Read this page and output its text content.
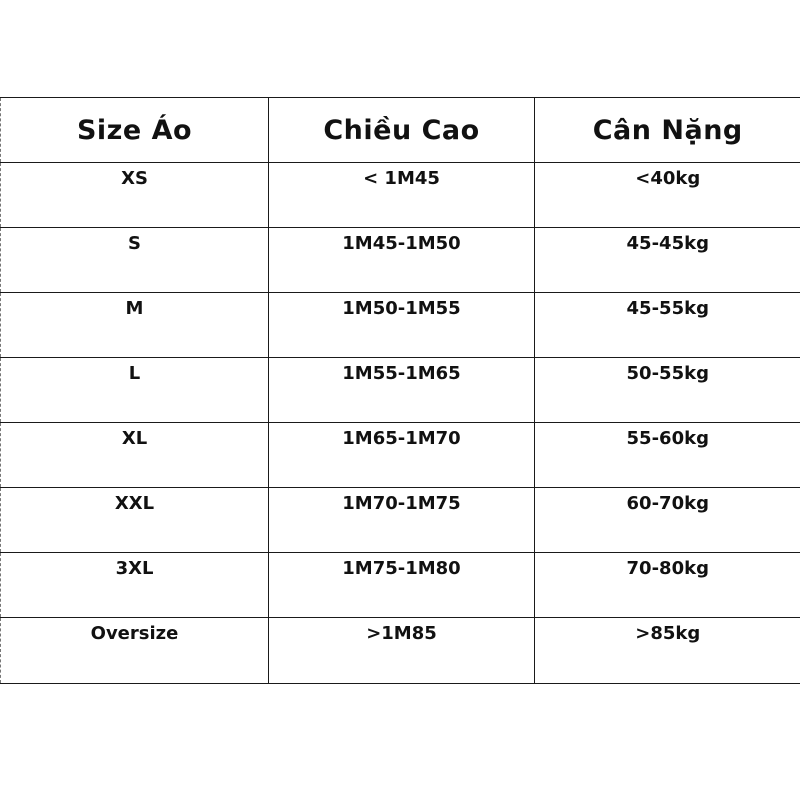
Size Áo	Chiều Cao	Cân Nặng
XS	< 1M45	<40kg
S	1M45-1M50	45-45kg
M	1M50-1M55	45-55kg
L	1M55-1M65	50-55kg
XL	1M65-1M70	55-60kg
XXL	1M70-1M75	60-70kg
3XL	1M75-1M80	70-80kg
Oversize	>1M85	>85kg
